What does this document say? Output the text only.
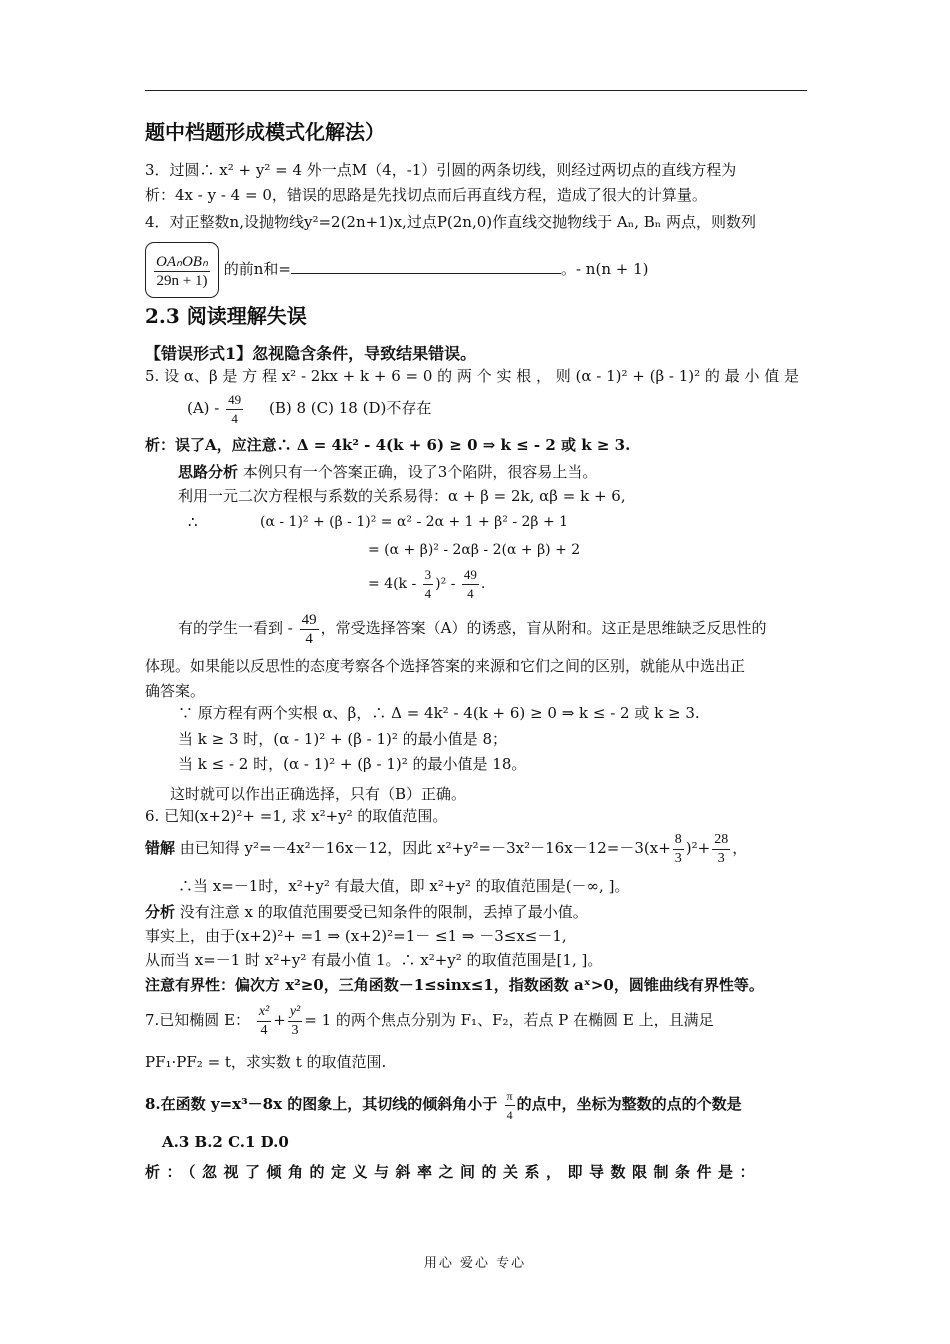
题中档题形成模式化解法）
3．过圆∴ x² + y² = 4 外一点M（4，-1）引圆的两条切线，则经过两切点的直线方程为
析：4x - y - 4 = 0，错误的思路是先找切点而后再直线方程，造成了很大的计算量。
4．对正整数n,设抛物线y²=2(2n+1)x,过点P(2n,0)作直线交抛物线于 Aₙ, Bₙ 两点，则数列
$\frac{\text{OAₙOBₙ}}{29n + 1)}$ 的前n和=	。- n(n + 1)
2.3 阅读理解失误
【错误形式1】忽视隐含条件，导致结果错误。
5. 设 α、β 是 方 程 x² - 2kx + k + 6 = 0 的 两 个 实 根 ， 则 (α - 1)² + (β - 1)² 的 最 小 值 是
$(A) - \frac{49}{4} (B)$ 8 (C) 18 (D)不存在
析：误了A，应注意∴ Δ = 4k² - 4(k + 6) ≥ 0 ⇒ k ≤ - 2 或 k ≥ 3.
思路分析 本例只有一个答案正确，设了3个陷阱，很容易上当。
利用一元二次方程根与系数的关系易得：α + β = 2k, αβ = k + 6,
∴	(α - 1)² + (β - 1)² = α² - 2α + 1 + β² - 2β + 1
= (α + β)² - 2αβ - 2(α + β) + 2
= $4(k - \frac{3}{4} )^2 - \frac{49}{4}$ .
有的学生一看到 - $\frac{49}{4}$ ，常受选择答案（A）的诱惑，盲从附和。这正是思维缺乏反思性的
体现。如果能以反思性的态度考察各个选择答案的来源和它们之间的区别，就能从中选出正
确答案。
∵ 原方程有两个实根 α、β，∴ Δ = 4k² - 4(k + 6) ≥ 0 ⇒ k ≤ - 2 或 k ≥ 3.
当 k ≥ 3 时，(α - 1)² + (β - 1)² 的最小值是 8；
当 k ≤ - 2 时，(α - 1)² + (β - 1)² 的最小值是 18。
这时就可以作出正确选择，只有（B）正确。
6. 已知(x+2)²+ =1, 求 x²+y² 的取值范围。
错解 由已知得 y²=－4x²－16x－12，因此 $x^2+y^2=-3x^2-16x-12=-3(x+ \frac{8}{3} )^2+ \frac{28}{3}$ ，
∴当 x=－1时，x²+y² 有最大值，即 x²+y² 的取值范围是(－∞, ]。
分析 没有注意 x 的取值范围要受已知条件的限制，丢掉了最小值。
事实上，由于(x+2)²+ =1 ⇒ (x+2)²=1－ ≤1 ⇒ －3≤x≤－1,
从而当 x=－1 时 x²+y² 有最小值 1。∴ x²+y² 的取值范围是[1, ]。
注意有界性：偏次方 x²≥0，三角函数－1≤sinx≤1，指数函数 aˣ>0，圆锥曲线有界性等。
7.已知椭圆 E： $\frac{\text{x²}}{4} + \frac{\text{y²}}{3} = 1$ 的两个焦点分别为 F₁、F₂，若点 P 在椭圆 E 上，且满足
PF₁·PF₂ = t，求实数 t 的取值范围.
8.在函数 y=x³－8x 的图象上，其切线的倾斜角小于 $\frac{\pi}{4}$ 的点中，坐标为整数的点的个数是
A.3 B.2 C.1 D.0
析：（忽视了倾角的定义与斜率之间的关系，即导数限制条件是：
用心 爱心 专心
